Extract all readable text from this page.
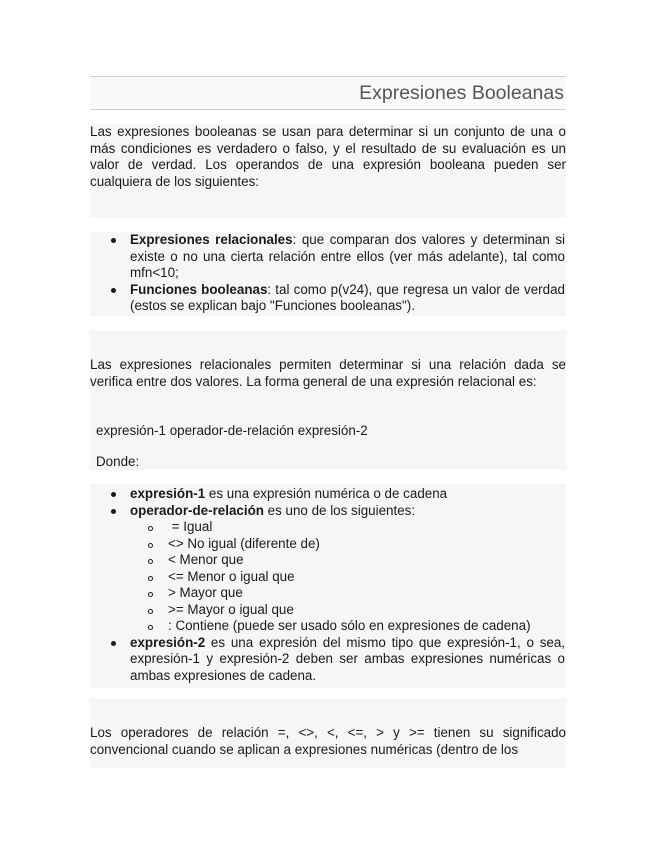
Expresiones Booleanas

Las expresiones booleanas se usan para determinar si un conjunto de una o más condiciones es verdadero o falso, y el resultado de su evaluación es un valor de verdad. Los operandos de una expresión booleana pueden ser cualquiera de los siguientes:

Expresiones relacionales: que comparan dos valores y determinan si existe o no una cierta relación entre ellos (ver más adelante), tal como mfn<10;
Funciones booleanas: tal como p(v24), que regresa un valor de verdad (estos se explican bajo "Funciones booleanas").

Las expresiones relacionales permiten determinar si una relación dada se verifica entre dos valores. La forma general de una expresión relacional es:

expresión-1 operador-de-relación expresión-2

Donde:

expresión-1 es una expresión numérica o de cadena
operador-de-relación es uno de los siguientes:
= Igual
<> No igual (diferente de)
< Menor que
<= Menor o igual que
> Mayor que
>= Mayor o igual que
: Contiene (puede ser usado sólo en expresiones de cadena)
expresión-2 es una expresión del mismo tipo que expresión-1, o sea, expresión-1 y expresión-2 deben ser ambas expresiones numéricas o ambas expresiones de cadena.

Los operadores de relación =, <>, <, <=, > y >= tienen su significado convencional cuando se aplican a expresiones numéricas (dentro de los
